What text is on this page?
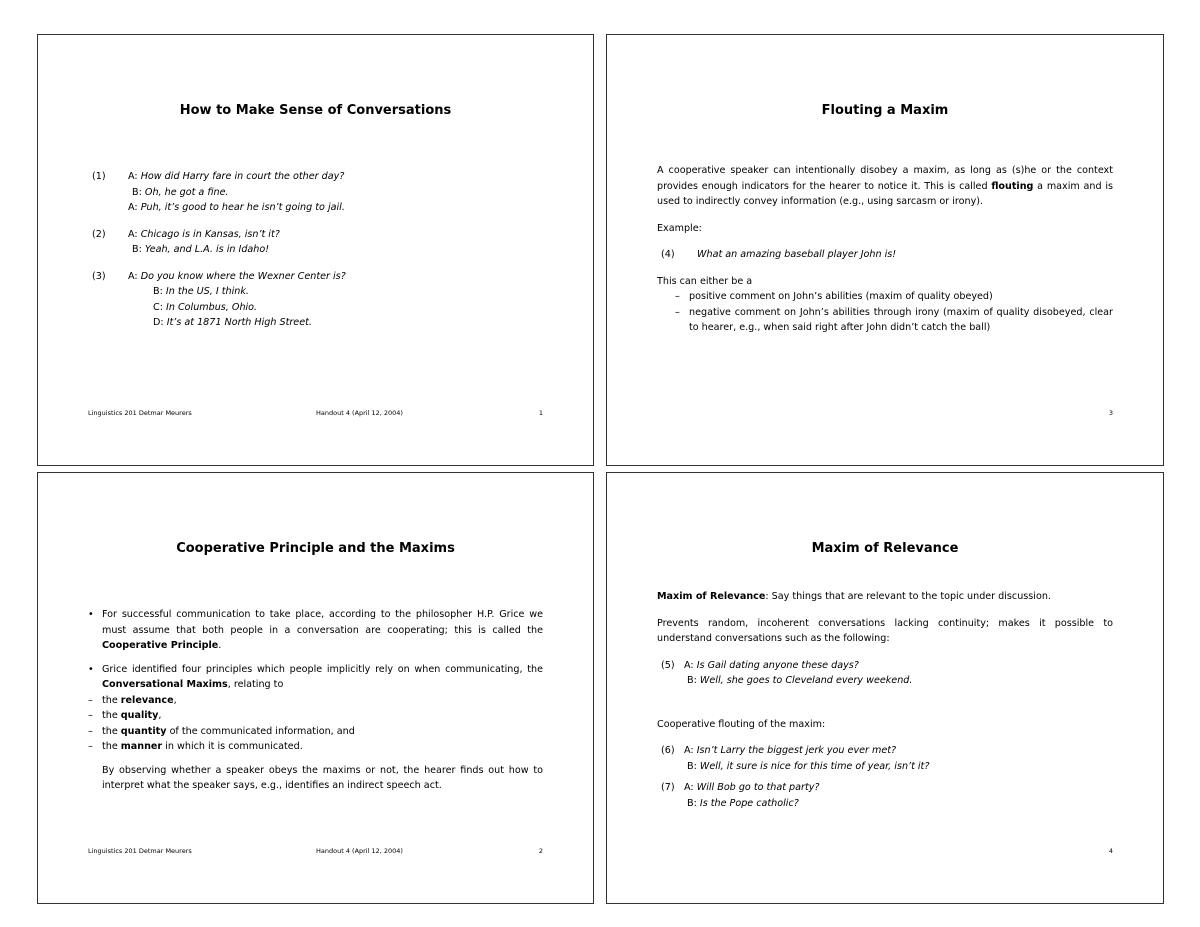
How to Make Sense of Conversations
(1) A: How did Harry fare in court the other day?
B: Oh, he got a fine.
A: Puh, it’s good to hear he isn’t going to jail.
(2) A: Chicago is in Kansas, isn’t it?
B: Yeah, and L.A. is in Idaho!
(3) A: Do you know where the Wexner Center is?
B: In the US, I think.
C: In Columbus, Ohio.
D: It’s at 1871 North High Street.
Linguistics 201 Detmar Meurers	Handout 4 (April 12, 2004)	1
Flouting a Maxim

A cooperative speaker can intentionally disobey a maxim, as long as (s)he or the context provides enough indicators for the hearer to notice it. This is called flouting a maxim and is used to indirectly convey information (e.g., using sarcasm or irony).

Example:
(4) What an amazing baseball player John is!
This can either be a
– positive comment on John’s abilities (maxim of quality obeyed)
– negative comment on John’s abilities through irony (maxim of quality disobeyed, clear to hearer, e.g., when said right after John didn’t catch the ball)
3
Cooperative Principle and the Maxims
• For successful communication to take place, according to the philosopher H.P. Grice we must assume that both people in a conversation are cooperating; this is called the Cooperative Principle.
• Grice identified four principles which people implicitly rely on when communicating, the Conversational Maxims, relating to
– the relevance,
– the quality,
– the quantity of the communicated information, and
– the manner in which it is communicated.

By observing whether a speaker obeys the maxims or not, the hearer finds out how to interpret what the speaker says, e.g., identifies an indirect speech act.

Linguistics 201 Detmar Meurers	Handout 4 (April 12, 2004)	2
Maxim of Relevance
Maxim of Relevance: Say things that are relevant to the topic under discussion.

Prevents random, incoherent conversations lacking continuity; makes it possible to understand conversations such as the following:

(5) A: Is Gail dating anyone these days?
B: Well, she goes to Cleveland every weekend.
Cooperative flouting of the maxim:
(6) A: Isn’t Larry the biggest jerk you ever met?
B: Well, it sure is nice for this time of year, isn’t it?
(7) A: Will Bob go to that party?
B: Is the Pope catholic?
4
